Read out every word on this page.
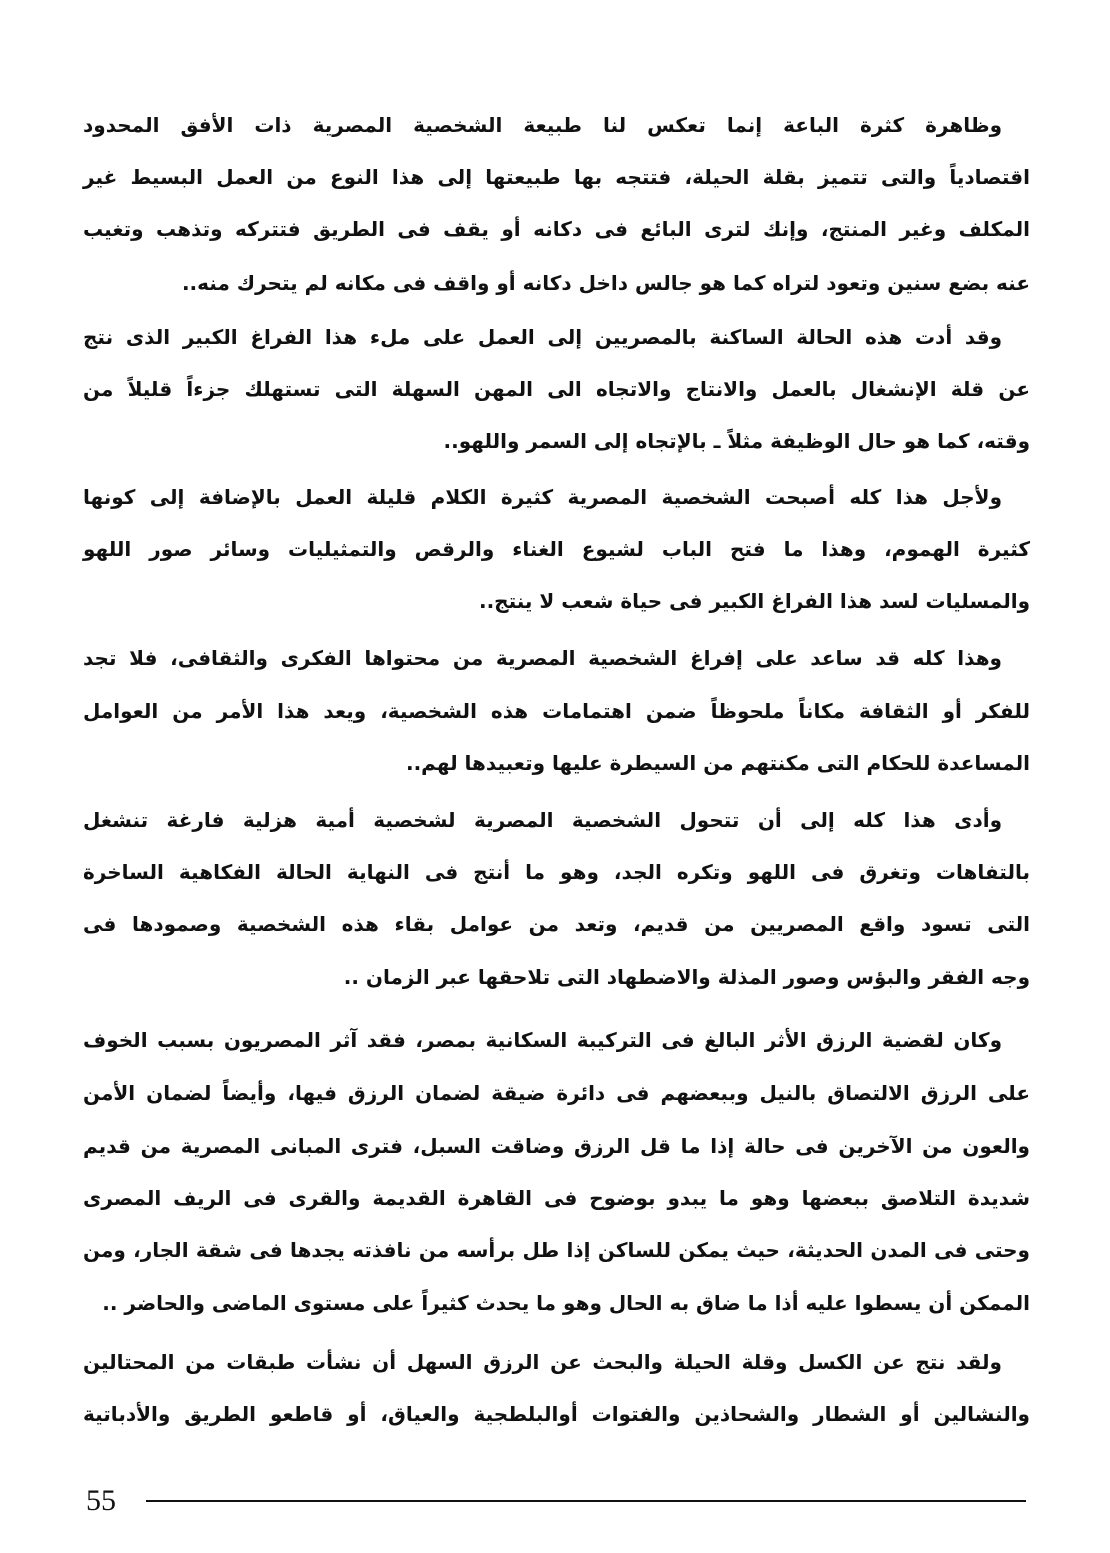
وظاهرة كثرة الباعة إنما تعكس لنا طبيعة الشخصية المصرية ذات الأفق المحدود
اقتصادياً والتى تتميز بقلة الحيلة، فتتجه بها طبيعتها إلى هذا النوع من العمل البسيط غير
المكلف وغير المنتج، وإنك لترى البائع فى دكانه أو يقف فى الطريق فتتركه وتذهب وتغيب
عنه بضع سنين وتعود لتراه كما هو جالس داخل دكانه أو واقف فى مكانه لم يتحرك منه..
وقد أدت هذه الحالة الساكنة بالمصريين إلى العمل على ملء هذا الفراغ الكبير الذى نتج
عن قلة الإنشغال بالعمل والانتاج والاتجاه الى المهن السهلة التى تستهلك جزءاً قليلاً من
وقته، كما هو حال الوظيفة مثلاً ـ بالإتجاه إلى السمر واللهو..
ولأجل هذا كله أصبحت الشخصية المصرية كثيرة الكلام قليلة العمل بالإضافة إلى كونها
كثيرة الهموم، وهذا ما فتح الباب لشيوع الغناء والرقص والتمثيليات وسائر صور اللهو
والمسليات لسد هذا الفراغ الكبير فى حياة شعب لا ينتج..
وهذا كله قد ساعد على إفراغ الشخصية المصرية من محتواها الفكرى والثقافى، فلا تجد
للفكر أو الثقافة مكاناً ملحوظاً ضمن اهتمامات هذه الشخصية، ويعد هذا الأمر من العوامل
المساعدة للحكام التى مكنتهم من السيطرة عليها وتعبيدها لهم..
وأدى هذا كله إلى أن تتحول الشخصية المصرية لشخصية أمية هزلية فارغة تنشغل
بالتفاهات وتغرق فى اللهو وتكره الجد، وهو ما أنتج فى النهاية الحالة الفكاهية الساخرة
التى تسود واقع المصريين من قديم، وتعد من عوامل بقاء هذه الشخصية وصمودها فى
وجه الفقر والبؤس وصور المذلة والاضطهاد التى تلاحقها عبر الزمان ..
وكان لقضية الرزق الأثر البالغ فى التركيبة السكانية بمصر، فقد آثر المصريون بسبب الخوف
على الرزق الالتصاق بالنيل وببعضهم فى دائرة ضيقة لضمان الرزق فيها، وأيضاً لضمان الأمن
والعون من الآخرين فى حالة إذا ما قل الرزق وضاقت السبل، فترى المبانى المصرية من قديم
شديدة التلاصق ببعضها وهو ما يبدو بوضوح فى القاهرة القديمة والقرى فى الريف المصرى
وحتى فى المدن الحديثة، حيث يمكن للساكن إذا طل برأسه من نافذته يجدها فى شقة الجار، ومن
الممكن أن يسطوا عليه أذا ما ضاق به الحال وهو ما يحدث كثيراً على مستوى الماضى والحاضر ..
ولقد نتج عن الكسل وقلة الحيلة والبحث عن الرزق السهل أن نشأت طبقات من المحتالين
والنشالين أو الشطار والشحاذين والفتوات أوالبلطجية والعياق، أو قاطعو الطريق والأدباتية
55
